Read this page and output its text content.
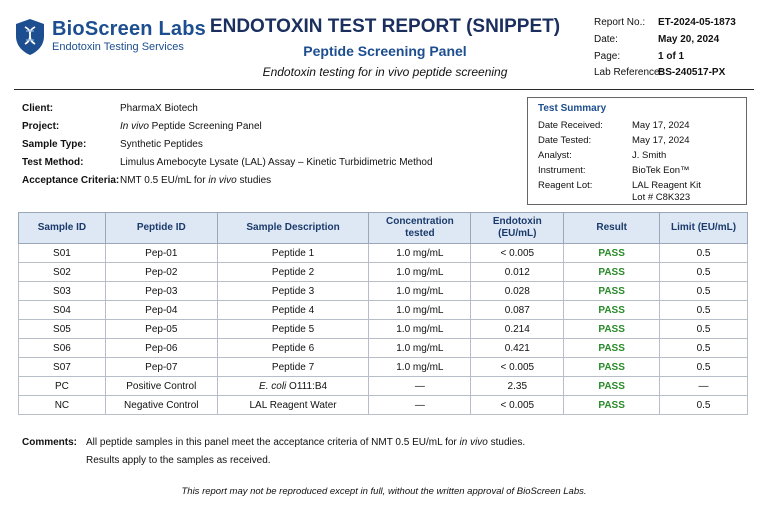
BioScreen Labs
Endotoxin Testing Services
ENDOTOXIN TEST REPORT (SNIPPET)
Peptide Screening Panel
Endotoxin testing for in vivo peptide screening
Report No.: ET-2024-05-1873
Date:	May 20, 2024
Page:	1 of 1
Lab Reference:
BS-240517-PX
Client:	PharmaX Biotech
Project:	In vivo Peptide Screening Panel
Sample Type:	Synthetic Peptides
Test Method:	Limulus Amebocyte Lysate (LAL) Assay – Kinetic Turbidimetric Method
Acceptance Criteria: NMT 0.5 EU/mL for in vivo studies
Test Summary
Date Received:	May 17, 2024
Date Tested:	May 17, 2024
Analyst:	J. Smith
Instrument:	BioTek Eon™
Reagent Lot:	LAL Reagent Kit
Lot # C8K323
Sample ID	Peptide ID	Sample Description	Concentration tested	Endotoxin (EU/mL)	Result	Limit (EU/mL)
S01	Pep-01	Peptide 1	1.0 mg/mL	< 0.005	PASS	0.5
S02	Pep-02	Peptide 2	1.0 mg/mL	0.012	PASS	0.5
S03	Pep-03	Peptide 3	1.0 mg/mL	0.028	PASS	0.5
S04	Pep-04	Peptide 4	1.0 mg/mL	0.087	PASS	0.5
S05	Pep-05	Peptide 5	1.0 mg/mL	0.214	PASS	0.5
S06	Pep-06	Peptide 6	1.0 mg/mL	0.421	PASS	0.5
S07	Pep-07	Peptide 7	1.0 mg/mL	< 0.005	PASS	0.5
PC	Positive Control	E. coli O111:B4	—	2.35	PASS	—
NC	Negative Control	LAL Reagent Water	—	< 0.005	PASS	0.5
Comments: All peptide samples in this panel meet the acceptance criteria of NMT 0.5 EU/mL for in vivo studies.
Results apply to the samples as received.
This report may not be reproduced except in full, without the written approval of BioScreen Labs.
